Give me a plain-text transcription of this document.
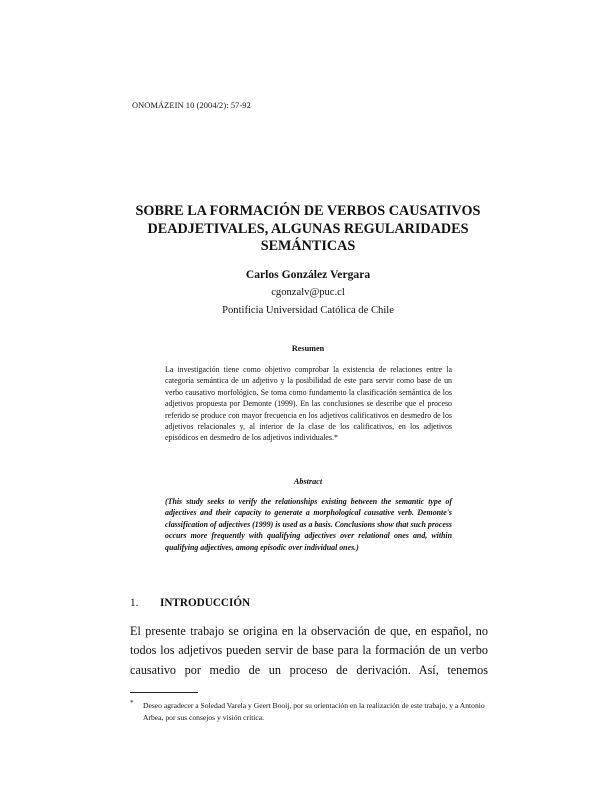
ONOMÁZEIN 10 (2004/2): 57-92
SOBRE LA FORMACIÓN DE VERBOS CAUSATIVOS
DEADJETIVALES, ALGUNAS REGULARIDADES
SEMÁNTICAS
Carlos González Vergara
cgonzalv@puc.cl
Pontificia Universidad Católica de Chile
Resumen
La investigación tiene como objetivo comprobar la existencia de relaciones entre la categoría semántica de un adjetivo y la posibilidad de este para servir como base de un verbo causativo morfológico. Se toma como fundamento la clasificación semántica de los adjetivos propuesta por Demonte (1999). En las conclusiones se describe que el proceso referido se produce con mayor frecuencia en los adjetivos calificativos en desmedro de los adjetivos relacionales y, al interior de la clase de los calificativos, en los adjetivos episódicos en desmedro de los adjetivos individuales.*
Abstract
(This study seeks to verify the relationships existing between the semantic type of adjectives and their capacity to generate a morphological causative verb. Demonte's classification of adjectives (1999) is used as a basis. Conclusions show that such process occurs more frequently with qualifying adjectives over relational ones and, within qualifying adjectives, among episodic over individual ones.)
1. INTRODUCCIÓN
El presente trabajo se origina en la observación de que, en español, no todos los adjetivos pueden servir de base para la formación de un verbo causativo por medio de un proceso de derivación. Así, tenemos
*	Deseo agradecer a Soledad Varela y Geert Booij, por su orientación en la realización de este trabajo, y a Antonio Arbea, por sus consejos y visión crítica.
